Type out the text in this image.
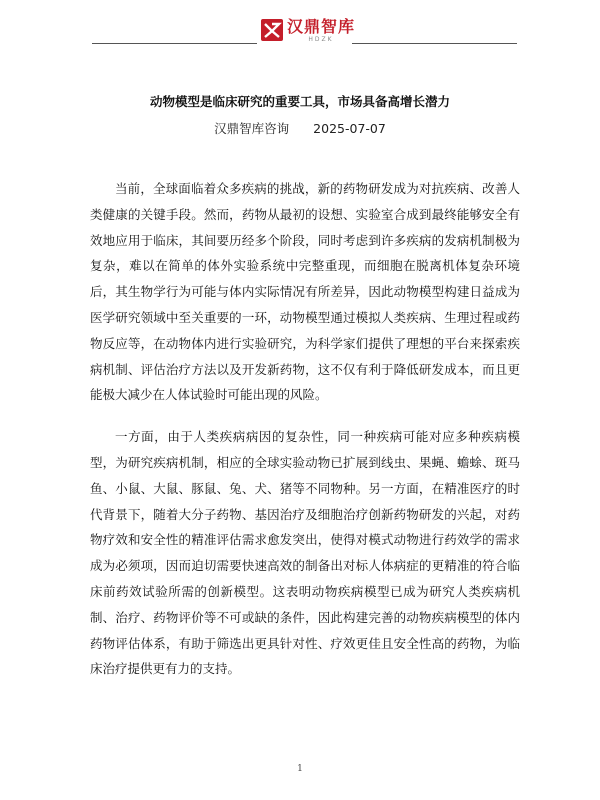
汉鼎智库
HDZK
动物模型是临床研究的重要工具，市场具备高增长潜力
汉鼎智库咨询 2025-07-07

当前，全球面临着众多疾病的挑战，新的药物研发成为对抗疾病、改善人类健康的关键手段。然而，药物从最初的设想、实验室合成到最终能够安全有效地应用于临床，其间要历经多个阶段，同时考虑到许多疾病的发病机制极为复杂，难以在简单的体外实验系统中完整重现，而细胞在脱离机体复杂环境后，其生物学行为可能与体内实际情况有所差异，因此动物模型构建日益成为医学研究领域中至关重要的一环，动物模型通过模拟人类疾病、生理过程或药物反应等，在动物体内进行实验研究，为科学家们提供了理想的平台来探索疾病机制、评估治疗方法以及开发新药物，这不仅有利于降低研发成本，而且更能极大减少在人体试验时可能出现的风险。

一方面，由于人类疾病病因的复杂性，同一种疾病可能对应多种疾病模型，为研究疾病机制，相应的全球实验动物已扩展到线虫、果蝇、蟾蜍、斑马鱼、小鼠、大鼠、豚鼠、兔、犬、猪等不同物种。另一方面，在精准医疗的时代背景下，随着大分子药物、基因治疗及细胞治疗创新药物研发的兴起，对药物疗效和安全性的精准评估需求愈发突出，使得对模式动物进行药效学的需求成为必须项，因而迫切需要快速高效的制备出对标人体病症的更精准的符合临床前药效试验所需的创新模型。这表明动物疾病模型已成为研究人类疾病机制、治疗、药物评价等不可或缺的条件，因此构建完善的动物疾病模型的体内药物评估体系，有助于筛选出更具针对性、疗效更佳且安全性高的药物，为临床治疗提供更有力的支持。

1
